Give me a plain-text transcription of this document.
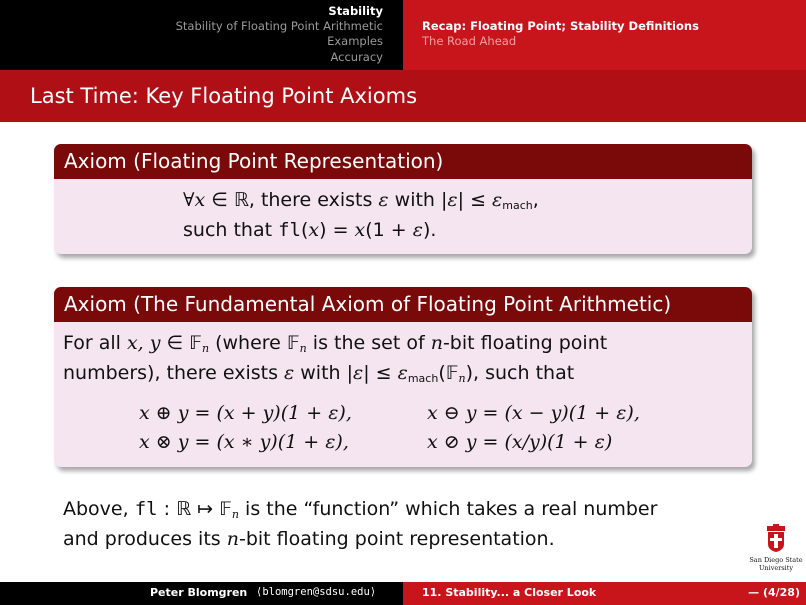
Stability
Stability of Floating Point Arithmetic
Examples
Accuracy
Recap: Floating Point; Stability Definitions
The Road Ahead
Last Time: Key Floating Point Axioms
Axiom (Floating Point Representation)
∀x ∈ ℝ, there exists ε with $|\varepsilon| \le \varepsilon_{mach}$,
such that fl(x) = x(1 + ε).
Axiom (The Fundamental Axiom of Floating Point Arithmetic)
For all x, y ∈ 𝔽$_n$ (where 𝔽$_n$ is the set of n-bit floating point
numbers), there exists ε with $|\varepsilon| \le \varepsilon_{mach}(𝔽_n)$, such that
x ⊕ y = (x + y)(1 + ε),	x ⊖ y = (x − y)(1 + ε),
x ⊗ y = (x ∗ y)(1 + ε),	x ⊘ y = (x/y)(1 + ε)
Above, fl : ℝ ↦ 𝔽$_n$ is the “function” which takes a real number
and produces its n-bit floating point representation.
San Diego State
University
Peter Blomgren ⟨blomgren@sdsu.edu⟩	11. Stability... a Closer Look	— (4/28)
